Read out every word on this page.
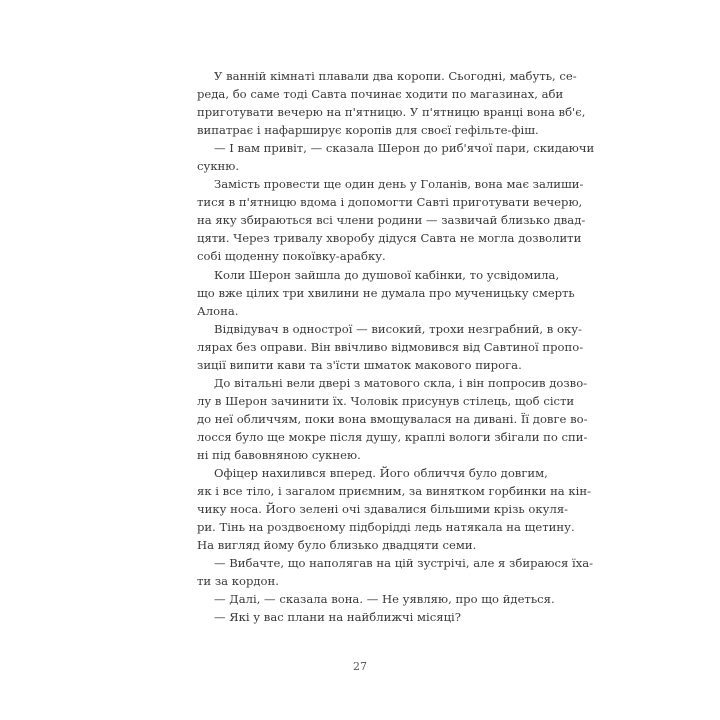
У ванній кімнаті плавали два коропи. Сьогодні, мабуть, се-
реда, бо саме тоді Савта починає ходити по магазинах, аби
приготувати вечерю на п'ятницю. У п'ятницю вранці вона вб'є,
випатрає і нафарширує коропів для своєї гефільте-фіш.
— І вам привіт, — сказала Шерон до риб'ячої пари, скидаючи
сукню.
Замість провести ще один день у Голанів, вона має залиши-
тися в п'ятницю вдома і допомогти Савті приготувати вечерю,
на яку збираються всі члени родини — зазвичай близько двад-
цяти. Через тривалу хворобу дідуся Савта не могла дозволити
собі щоденну покоївку-арабку.
Коли Шерон зайшла до душової кабінки, то усвідомила,
що вже цілих три хвилини не думала про мученицьку смерть
Алона.
Відвідувач в однострої — високий, трохи незграбний, в оку-
лярах без оправи. Він ввічливо відмовився від Савтиної пропо-
зиції випити кави та з'їсти шматок макового пирога.
До вітальні вели двері з матового скла, і він попросив дозво-
лу в Шерон зачинити їх. Чоловік присунув стілець, щоб сісти
до неї обличчям, поки вона вмощувалася на дивані. Її довге во-
лосся було ще мокре після душу, краплі вологи збігали по спи-
ні під бавовняною сукнею.
Офіцер нахилився вперед. Його обличчя було довгим,
як і все тіло, і загалом приємним, за винятком горбинки на кін-
чику носа. Його зелені очі здавалися більшими крізь окуля-
ри. Тінь на роздвоєному підборідді ледь натякала на щетину.
На вигляд йому було близько двадцяти семи.
— Вибачте, що наполягав на цій зустрічі, але я збираюся їха-
ти за кордон.
— Далі, — сказала вона. — Не уявляю, про що йдеться.
— Які у вас плани на найближчі місяці?
27
